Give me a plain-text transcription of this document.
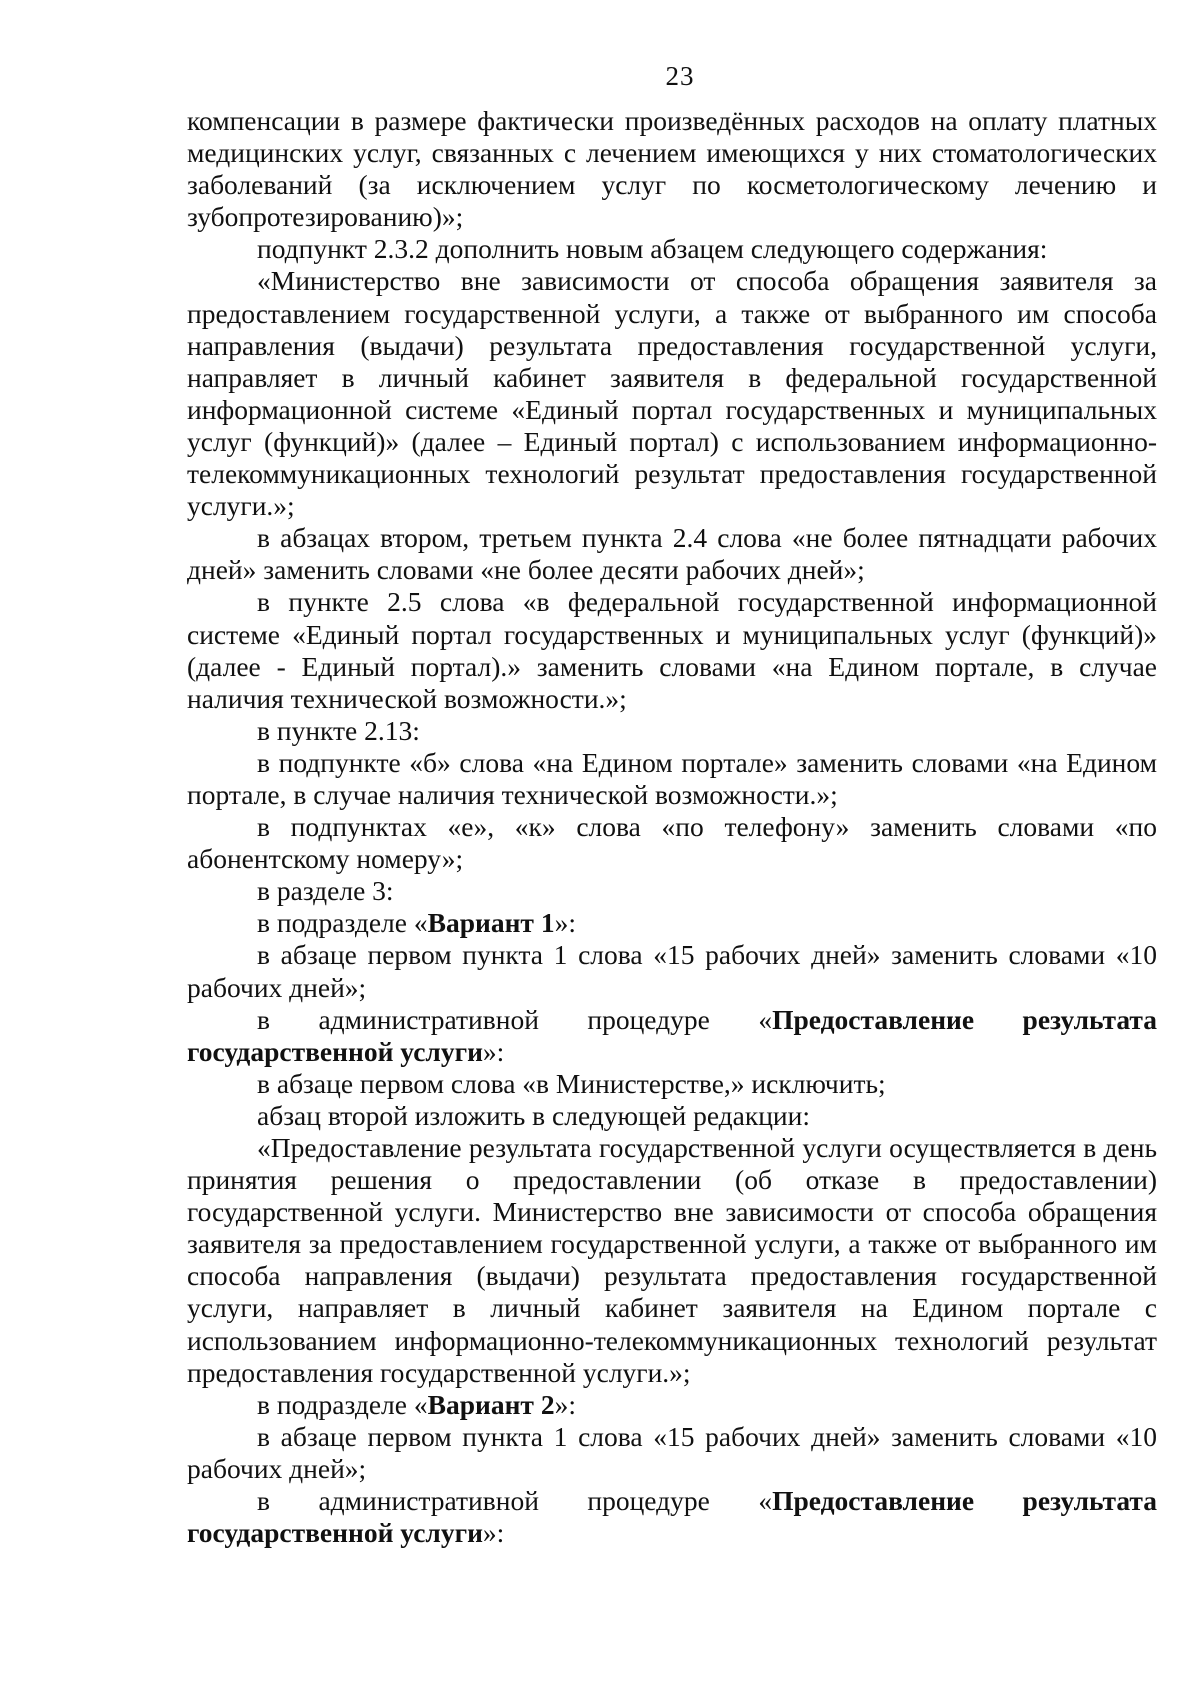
23

компенсации в размере фактически произведённых расходов на оплату платных медицинских услуг, связанных с лечением имеющихся у них стоматологических заболеваний (за исключением услуг по косметологическому лечению и зубопротезированию)»;

подпункт 2.3.2 дополнить новым абзацем следующего содержания:

«Министерство вне зависимости от способа обращения заявителя за предоставлением государственной услуги, а также от выбранного им способа направления (выдачи) результата предоставления государственной услуги, направляет в личный кабинет заявителя в федеральной государственной информационной системе «Единый портал государственных и муниципальных услуг (функций)» (далее – Единый портал) с использованием информационно-телекоммуникационных технологий результат предоставления государственной услуги.»;

в абзацах втором, третьем пункта 2.4 слова «не более пятнадцати рабочих дней» заменить словами «не более десяти рабочих дней»;

в пункте 2.5 слова «в федеральной государственной информационной системе «Единый портал государственных и муниципальных услуг (функций)» (далее - Единый портал).» заменить словами «на Едином портале, в случае наличия технической возможности.»;

в пункте 2.13:

в подпункте «б» слова «на Едином портале» заменить словами «на Едином портале, в случае наличия технической возможности.»;

в подпунктах «е», «к» слова «по телефону» заменить словами «по абонентскому номеру»;

в разделе 3:

в подразделе «Вариант 1»:

в абзаце первом пункта 1 слова «15 рабочих дней» заменить словами «10 рабочих дней»;

в административной процедуре «Предоставление результата государственной услуги»:

в абзаце первом слова «в Министерстве,» исключить;

абзац второй изложить в следующей редакции:

«Предоставление результата государственной услуги осуществляется в день принятия решения о предоставлении (об отказе в предоставлении) государственной услуги. Министерство вне зависимости от способа обращения заявителя за предоставлением государственной услуги, а также от выбранного им способа направления (выдачи) результата предоставления государственной услуги, направляет в личный кабинет заявителя на Едином портале с использованием информационно-телекоммуникационных технологий результат предоставления государственной услуги.»;

в подразделе «Вариант 2»:

в абзаце первом пункта 1 слова «15 рабочих дней» заменить словами «10 рабочих дней»;

в административной процедуре «Предоставление результата государственной услуги»:
